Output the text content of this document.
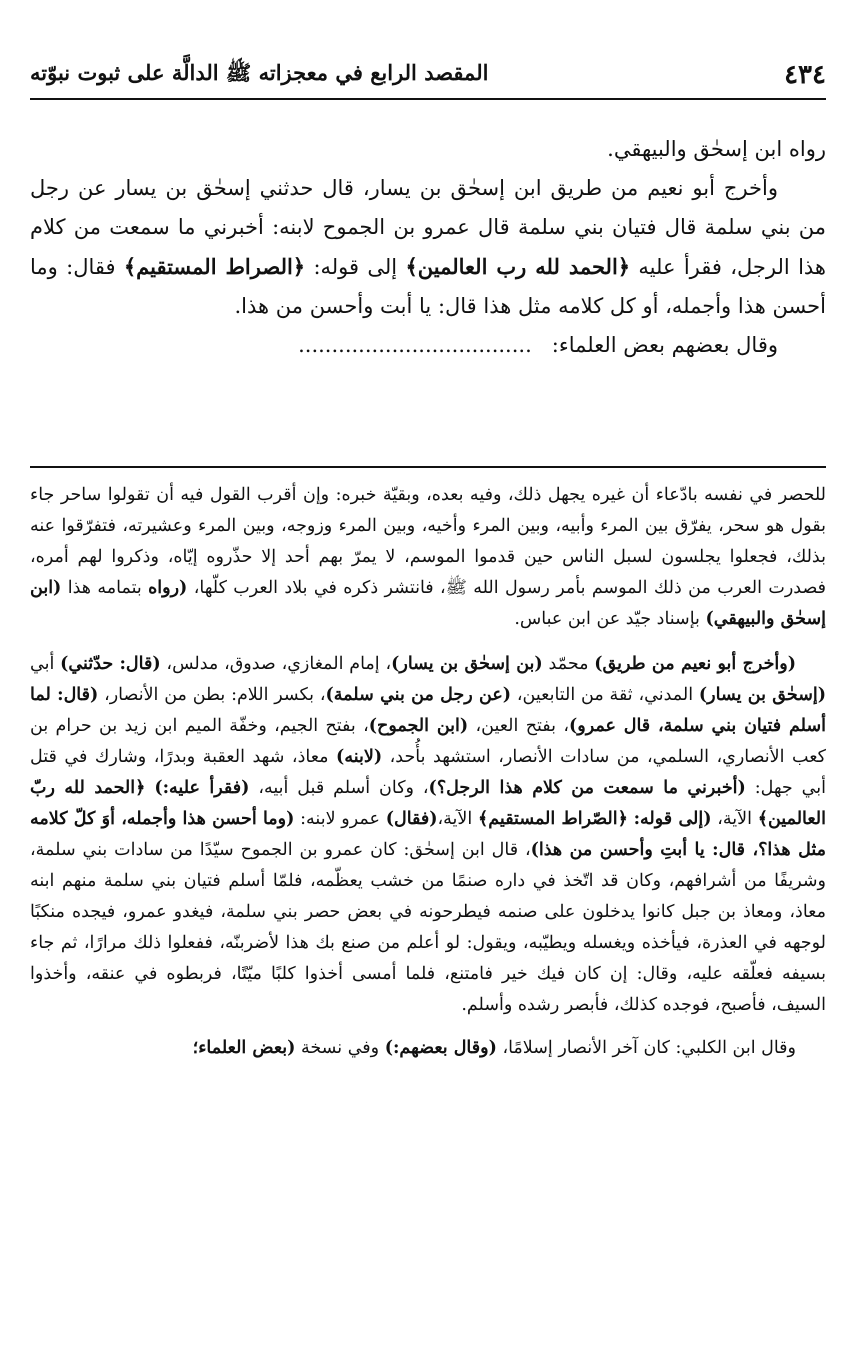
٤٣٤
المقصد الرابع في معجزاته ﷺ الدالَّة على ثبوت نبوّته

رواه ابن إسحٰق والبيهقي.

وأخرج أبو نعيم من طريق ابن إسحٰق بن يسار، قال حدثني إسحٰق بن يسار عن رجل من بني سلمة قال فتيان بني سلمة قال عمرو بن الجموح لابنه: أخبرني ما سمعت من كلام هذا الرجل، فقرأ عليه ﴿الحمد لله رب العالمين﴾ إلى قوله: ﴿الصراط المستقيم﴾ فقال: وما أحسن هذا وأجمله، أو كل كلامه مثل هذا قال: يا أبت وأحسن من هذا.

وقال بعضهم بعض العلماء:   ...................................

للحصر في نفسه بادّعاء أن غيره يجهل ذلك، وفيه بعده، وبقيّة خبره: وإن أقرب القول فيه أن تقولوا ساحر جاء بقول هو سحر، يفرّق بين المرء وأبيه، وبين المرء وأخيه، وبين المرء وزوجه، وبين المرء وعشيرته، فتفرّقوا عنه بذلك، فجعلوا يجلسون لسبل الناس حين قدموا الموسم، لا يمرّ بهم أحد إلا حذّروه إيّاه، وذكروا لهم أمره، فصدرت العرب من ذلك الموسم بأمر رسول الله ﷺ، فانتشر ذكره في بلاد العرب كلّها، (رواه بتمامه هذا (ابن إسحٰق والبيهقي) بإسناد جيّد عن ابن عباس.

(وأخرج أبو نعيم من طريق) محمّد (بن إسحٰق بن يسار)، إمام المغازي، صدوق، مدلس، (قال: حدّثني) أبي (إسحٰق بن يسار) المدني، ثقة من التابعين، (عن رجل من بني سلمة)، بكسر اللام: بطن من الأنصار، (قال: لما أسلم فتيان بني سلمة، قال عمرو)، بفتح العين، (ابن الجموح)، بفتح الجيم، وخفّة الميم ابن زيد بن حرام بن كعب الأنصاري، السلمي، من سادات الأنصار، استشهد بأُحد، (لابنه) معاذ، شهد العقبة وبدرًا، وشارك في قتل أبي جهل: (أخبرني ما سمعت من كلام هذا الرجل؟)، وكان أسلم قبل أبيه، (فقرأ عليه:) ﴿الحمد لله ربّ العالمين﴾ الآية، (إلى قوله: ﴿الصّراط المستقيم﴾ الآية،(فقال) عمرو لابنه: (وما أحسن هذا وأجمله، أوَ كلّ كلامه مثل هذا؟، قال: يا أبتِ وأحسن من هذا)، قال ابن إسحٰق: كان عمرو بن الجموح سيّدًا من سادات بني سلمة، وشريفًا من أشرافهم، وكان قد اتّخذ في داره صنمًا من خشب يعظّمه، فلمّا أسلم فتيان بني سلمة منهم ابنه معاذ، ومعاذ بن جبل كانوا يدخلون على صنمه فيطرحونه في بعض حصر بني سلمة، فيغدو عمرو، فيجده منكبًا لوجهه في العذرة، فيأخذه ويغسله ويطيّبه، ويقول: لو أعلم من صنع بك هذا لأضربنّه، ففعلوا ذلك مرارًا، ثم جاء بسيفه فعلّقه عليه، وقال: إن كان فيك خير فامتنع، فلما أمسى أخذوا كلبًا ميّتًا، فربطوه في عنقه، وأخذوا السيف، فأصبح، فوجده كذلك، فأبصر رشده وأسلم.

وقال ابن الكلبي: كان آخر الأنصار إسلامًا، (وقال بعضهم:) وفي نسخة (بعض العلماء؛
